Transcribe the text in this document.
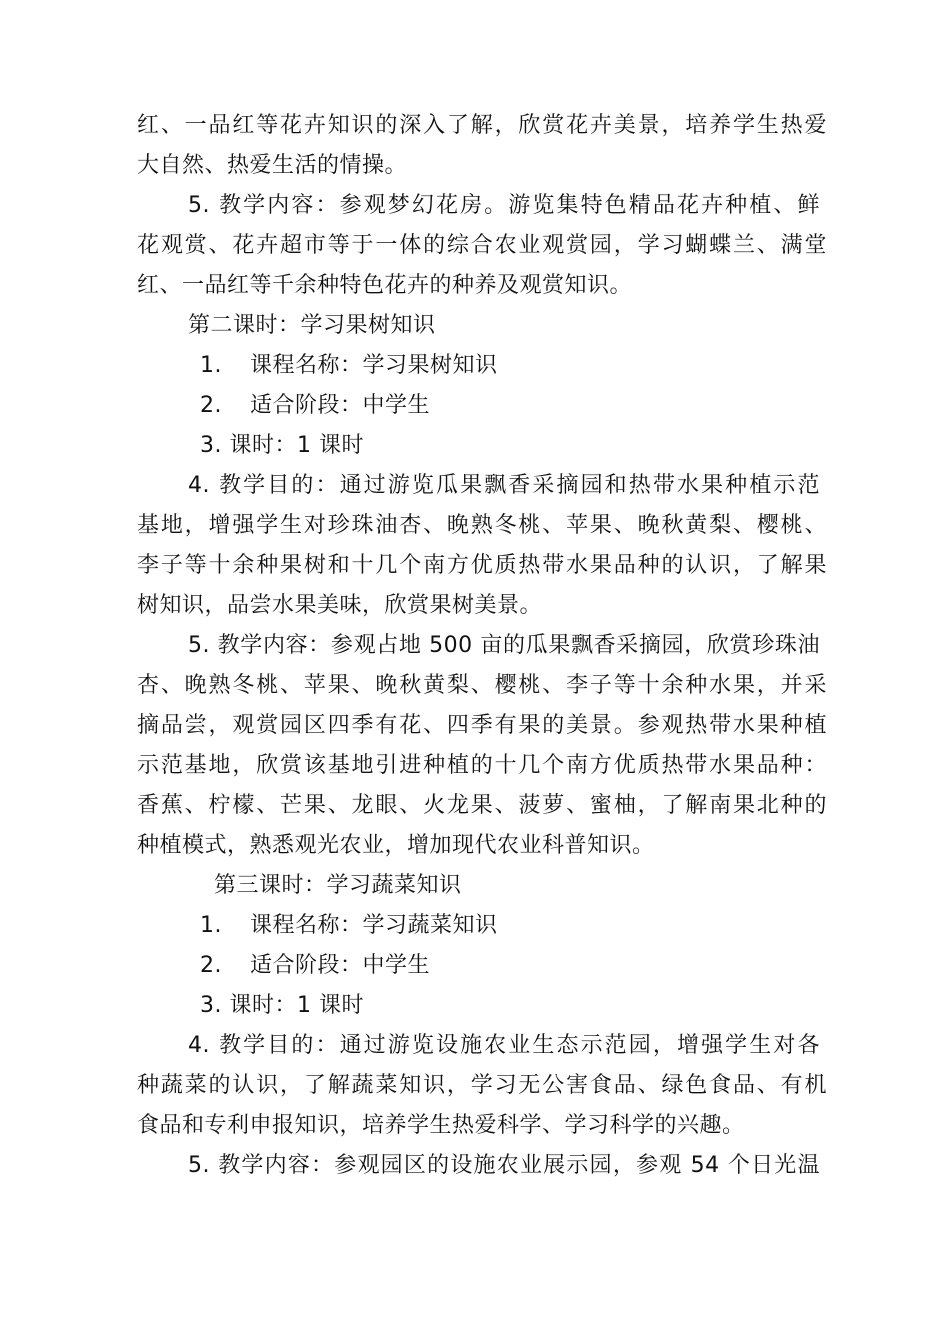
红、一品红等花卉知识的深入了解，欣赏花卉美景，培养学生热爱
大自然、热爱生活的情操。
5. 教学内容：参观梦幻花房。游览集特色精品花卉种植、鲜
花观赏、花卉超市等于一体的综合农业观赏园，学习蝴蝶兰、满堂
红、一品红等千余种特色花卉的种养及观赏知识。
第二课时：学习果树知识
1. 课程名称：学习果树知识
2. 适合阶段：中学生
3. 课时：1 课时
4. 教学目的：通过游览瓜果飘香采摘园和热带水果种植示范
基地，增强学生对珍珠油杏、晚熟冬桃、苹果、晚秋黄梨、樱桃、
李子等十余种果树和十几个南方优质热带水果品种的认识，了解果
树知识，品尝水果美味，欣赏果树美景。
5. 教学内容：参观占地 500 亩的瓜果飘香采摘园，欣赏珍珠油
杏、晚熟冬桃、苹果、晚秋黄梨、樱桃、李子等十余种水果，并采
摘品尝，观赏园区四季有花、四季有果的美景。参观热带水果种植
示范基地，欣赏该基地引进种植的十几个南方优质热带水果品种：
香蕉、柠檬、芒果、龙眼、火龙果、菠萝、蜜柚，了解南果北种的
种植模式，熟悉观光农业，增加现代农业科普知识。
第三课时：学习蔬菜知识
1. 课程名称：学习蔬菜知识
2. 适合阶段：中学生
3. 课时：1 课时
4. 教学目的：通过游览设施农业生态示范园，增强学生对各
种蔬菜的认识，了解蔬菜知识，学习无公害食品、绿色食品、有机
食品和专利申报知识，培养学生热爱科学、学习科学的兴趣。
5. 教学内容：参观园区的设施农业展示园，参观 54 个日光温
